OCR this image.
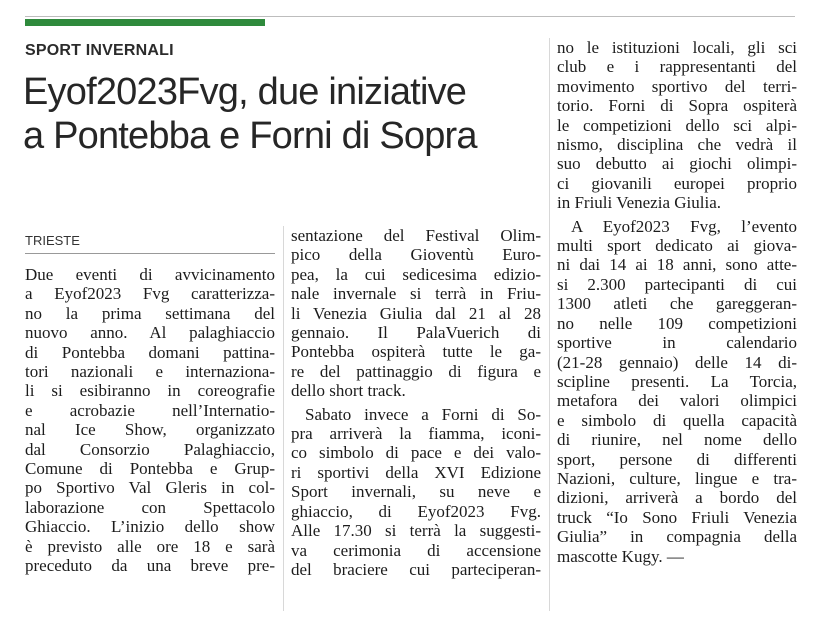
SPORT INVERNALI
Eyof2023Fvg, due iniziative
a Pontebba e Forni di Sopra
TRIESTE
Due eventi di avvicinamento
a Eyof2023 Fvg caratterizza-
no la prima settimana del
nuovo anno. Al palaghiaccio
di Pontebba domani pattina-
tori nazionali e internaziona-
li si esibiranno in coreografie
e acrobazie nell’Internatio-
nal Ice Show, organizzato
dal Consorzio Palaghiaccio,
Comune di Pontebba e Grup-
po Sportivo Val Gleris in col-
laborazione con Spettacolo
Ghiaccio. L’inizio dello show
è previsto alle ore 18 e sarà
preceduto da una breve pre-
sentazione del Festival Olim-
pico della Gioventù Euro-
pea, la cui sedicesima edizio-
nale invernale si terrà in Friu-
li Venezia Giulia dal 21 al 28
gennaio. Il PalaVuerich di
Pontebba ospiterà tutte le ga-
re del pattinaggio di figura e
dello short track.
Sabato invece a Forni di So-
pra arriverà la fiamma, iconi-
co simbolo di pace e dei valo-
ri sportivi della XVI Edizione
Sport invernali, su neve e
ghiaccio, di Eyof2023 Fvg.
Alle 17.30 si terrà la suggesti-
va cerimonia di accensione
del braciere cui parteciperan-
no le istituzioni locali, gli sci
club e i rappresentanti del
movimento sportivo del terri-
torio. Forni di Sopra ospiterà
le competizioni dello sci alpi-
nismo, disciplina che vedrà il
suo debutto ai giochi olimpi-
ci giovanili europei proprio
in Friuli Venezia Giulia.
A Eyof2023 Fvg, l’evento
multi sport dedicato ai giova-
ni dai 14 ai 18 anni, sono atte-
si 2.300 partecipanti di cui
1300 atleti che gareggeran-
no nelle 109 competizioni
sportive in calendario
(21-28 gennaio) delle 14 di-
scipline presenti. La Torcia,
metafora dei valori olimpici
e simbolo di quella capacità
di riunire, nel nome dello
sport, persone di differenti
Nazioni, culture, lingue e tra-
dizioni, arriverà a bordo del
truck “Io Sono Friuli Venezia
Giulia” in compagnia della
mascotte Kugy. —
